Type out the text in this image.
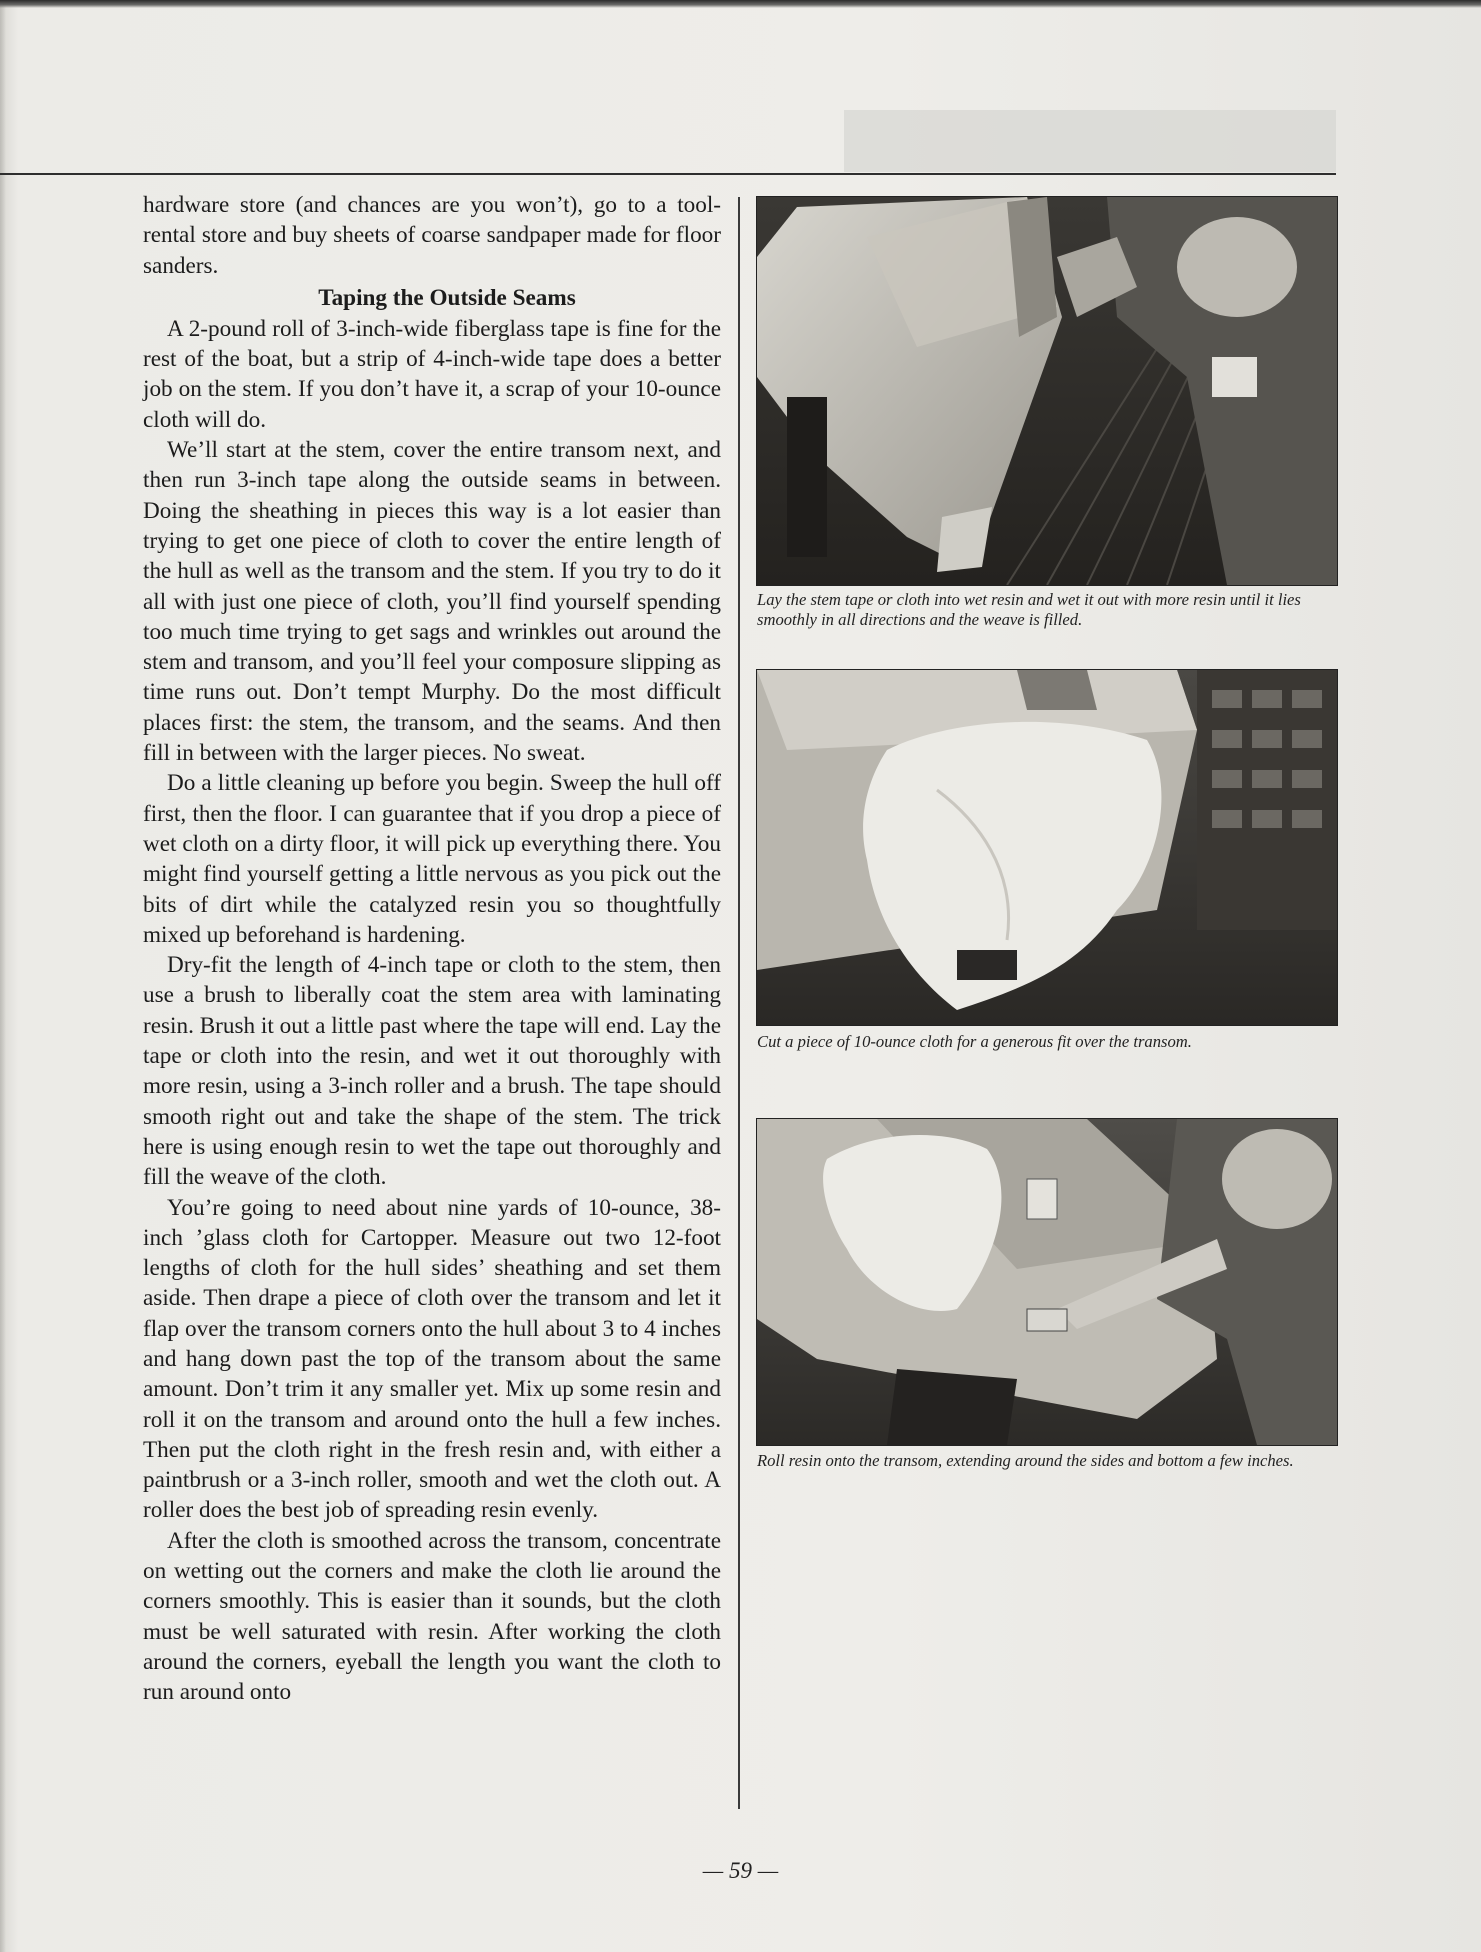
hardware store (and chances are you won’t), go to a tool-rental store and buy sheets of coarse sandpaper made for floor sanders.

Taping the Outside Seams

A 2-pound roll of 3-inch-wide fiberglass tape is fine for the rest of the boat, but a strip of 4-inch-wide tape does a better job on the stem. If you don’t have it, a scrap of your 10-ounce cloth will do.

We’ll start at the stem, cover the entire transom next, and then run 3-inch tape along the outside seams in between. Doing the sheathing in pieces this way is a lot easier than trying to get one piece of cloth to cover the entire length of the hull as well as the transom and the stem. If you try to do it all with just one piece of cloth, you’ll find yourself spending too much time trying to get sags and wrinkles out around the stem and transom, and you’ll feel your composure slipping as time runs out. Don’t tempt Murphy. Do the most difficult places first: the stem, the transom, and the seams. And then fill in between with the larger pieces. No sweat.

Do a little cleaning up before you begin. Sweep the hull off first, then the floor. I can guarantee that if you drop a piece of wet cloth on a dirty floor, it will pick up everything there. You might find yourself getting a little nervous as you pick out the bits of dirt while the catalyzed resin you so thoughtfully mixed up beforehand is hardening.

Dry-fit the length of 4-inch tape or cloth to the stem, then use a brush to liberally coat the stem area with laminating resin. Brush it out a little past where the tape will end. Lay the tape or cloth into the resin, and wet it out thoroughly with more resin, using a 3-inch roller and a brush. The tape should smooth right out and take the shape of the stem. The trick here is using enough resin to wet the tape out thoroughly and fill the weave of the cloth.

You’re going to need about nine yards of 10-ounce, 38-inch ’glass cloth for Cartopper. Measure out two 12-foot lengths of cloth for the hull sides’ sheathing and set them aside. Then drape a piece of cloth over the transom and let it flap over the transom corners onto the hull about 3 to 4 inches and hang down past the top of the transom about the same amount. Don’t trim it any smaller yet. Mix up some resin and roll it on the transom and around onto the hull a few inches. Then put the cloth right in the fresh resin and, with either a paintbrush or a 3-inch roller, smooth and wet the cloth out. A roller does the best job of spreading resin evenly.

After the cloth is smoothed across the transom, concentrate on wetting out the corners and make the cloth lie around the corners smoothly. This is easier than it sounds, but the cloth must be well saturated with resin. After working the cloth around the corners, eyeball the length you want the cloth to run around onto

Lay the stem tape or cloth into wet resin and wet it out with more resin until it lies smoothly in all directions and the weave is filled.
Cut a piece of 10-ounce cloth for a generous fit over the transom.
Roll resin onto the transom, extending around the sides and bottom a few inches.
— 59 —
